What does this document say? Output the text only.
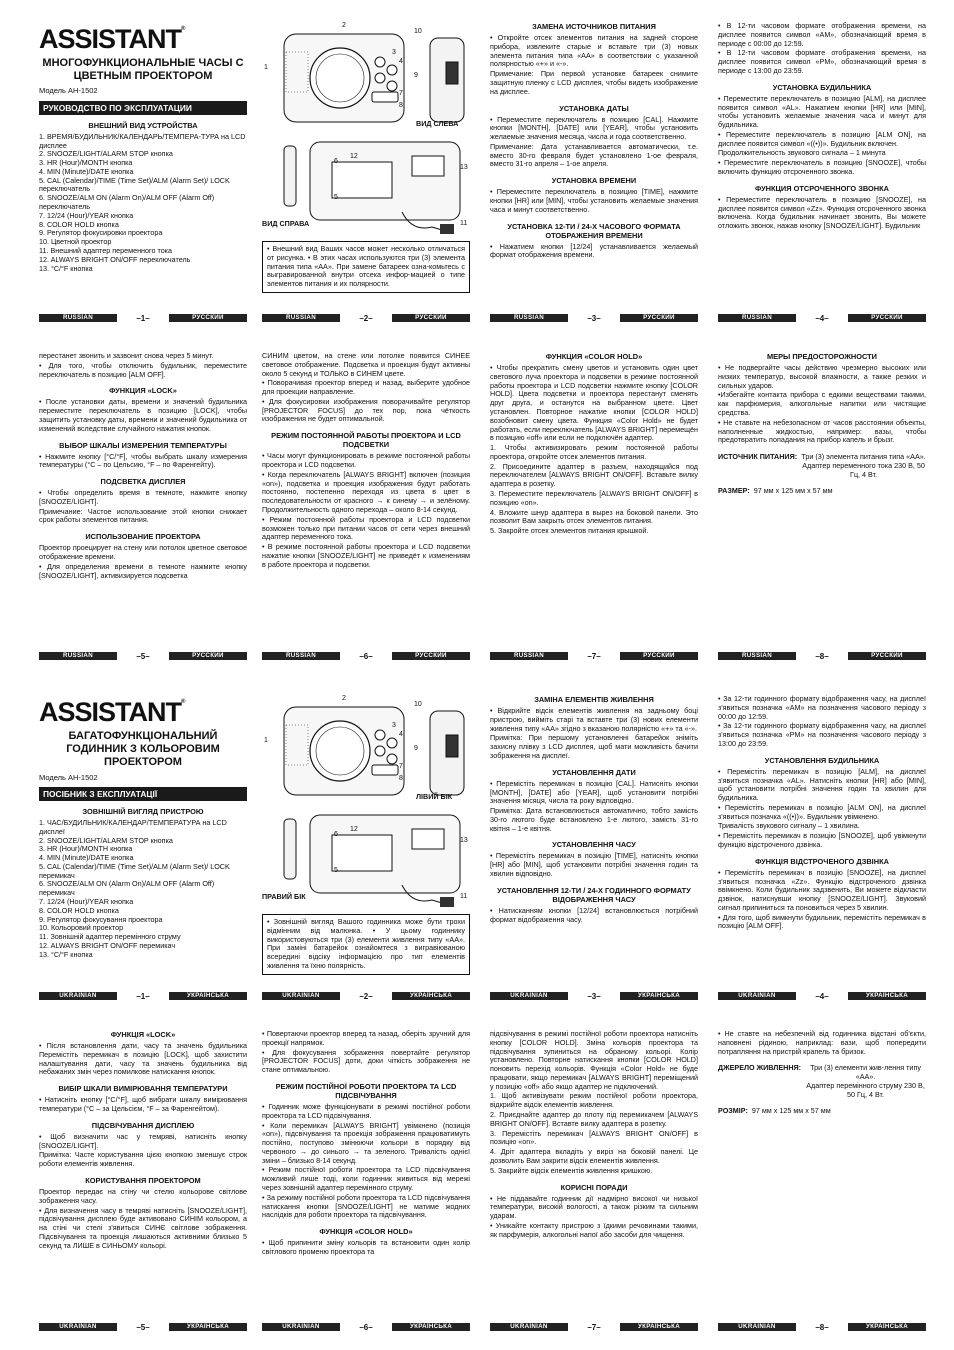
ASSISTANT®
МНОГОФУНКЦИОНАЛЬНЫЕ ЧАСЫ С ЦВЕТНЫМ ПРОЕКТОРОМ
Модель AH-1502
РУКОВОДСТВО ПО ЭКСПЛУАТАЦИИ
ВНЕШНИЙ ВИД УСТРОЙСТВА
1. ВРЕМЯ/БУДИЛЬНИК/КАЛЕНДАРЬ/ТЕМПЕРА-ТУРА на LCD дисплее
2. SNOOZE/LIGHT/ALARM STOP кнопка
3. HR (Hour)/MONTH кнопка
4. MIN (Minute)/DATE кнопка
5. CAL (Calendar)/TIME (Time Set)/ALM (Alarm Set)/ LOCK переключатель
6. SNOOZE/ALM ON (Alarm On)/ALM OFF (Alarm Off) переключатель
7. 12/24 (Hour)/YEAR кнопка
8. COLOR HOLD кнопка
9. Регулятор фокусировки проектора
10. Цветной проектор
11. Внешний адаптер переменного тока
12. ALWAYS BRIGHT ON/OFF переключатель
13. °C/°F кнопка
1
2
3
4
7
8
10
9
ВИД СЛЕВА
12
6
13
5
11
ВИД СПРАВА

• Внешний вид Ваших часов может несколько отличаться от рисунка. • В этих часах используются три (3) элемента питания типа «AA». При замене батареек озна-комьтесь с выгравированной внутри отсека инфор-мацией о типе элементов питания и их полярности.

ЗАМЕНА ИСТОЧНИКОВ ПИТАНИЯ

• Откройте отсек элементов питания на задней стороне прибора, извлеките старые и вставьте три (3) новых элемента питания типа «AA» в соответствии с указанной полярностью «+» и «-».

Примечание: При первой установке батареек снимите защитную пленку с LCD дисплея, чтобы видеть изображение на дисплее.

УСТАНОВКА ДАТЫ

• Переместите переключатель в позицию [CAL]. Нажмите кнопки [MONTH], [DATE] или [YEAR], чтобы установить желаемые значения месяца, числа и года соответственно.

Примечание: Дата устанавливается автоматически, т.е. вместо 30-го февраля будет установлено 1-ое февраля, вместо 31-го апреля – 1-ое апреля.

УСТАНОВКА ВРЕМЕНИ

• Переместите переключатель в позицию [TIME], нажмите кнопки [HR] или [MIN], чтобы установить желаемые значения часа и минут соответственно.

УСТАНОВКА 12-ТИ / 24-Х ЧАСОВОГО ФОРМАТА ОТОБРАЖЕНИЯ ВРЕМЕНИ

• Нажатием кнопки [12/24] устанавливается желаемый формат отображения времени.

• В 12-ти часовом формате отображения времени, на дисплее появится символ «AM», обозначающий время в периоде с 00:00 до 12:59.

• В 12-ти часовом формате отображения времени, на дисплее появится символ «PM», обозначающий время в периоде с 13:00 до 23:59.

УСТАНОВКА БУДИЛЬНИКА

• Переместите переключатель в позицию [ALM], на дисплее появится символ «AL». Нажатием кнопки [HR] или [MIN], чтобы установить желаемые значения часа и минут для будильника.

• Переместите переключатель в позицию [ALM ON], на дисплее появится символ «((•))». Будильник включен.

Продолжительность звукового сигнала – 1 минута

• Переместите переключатель в позицию [SNOOZE], чтобы включить функцию отсроченного звонка.

ФУНКЦИЯ ОТСРОЧЕННОГО ЗВОНКА

• Переместите переключатель в позицию [SNOOZE], на дисплее появится символ «Zz». Функция отсроченного звонка включена. Когда будильник начинает звонить, Вы можете отложить звонок, нажав кнопку [SNOOZE/LIGHT]. Будильник

RUSSIAN	–1–	РУССКИЙ	RUSSIAN	–2–	РУССКИЙ	RUSSIAN	–3–	РУССКИЙ	RUSSIAN	–4–	РУССКИЙ

перестанет звонить и зазвонит снова через 5 минут.

• Для того, чтобы отключить будильник, переместите переключатель в позицию [ALM OFF].

ФУНКЦИЯ «LOCK»

• После установки даты, времени и значений будильника переместите переключатель в позицию [LOCK], чтобы защитить установку даты, времени и значений будильника от изменений вследствие случайного нажатия кнопок.

ВЫБОР ШКАЛЫ ИЗМЕРЕНИЯ ТЕМПЕРАТУРЫ

• Нажмите кнопку [°C/°F], чтобы выбрать шкалу измерения температуры (°C – по Цельсию, °F – по Фаренгейту).

ПОДСВЕТКА ДИСПЛЕЯ

• Чтобы определить время в темноте, нажмите кнопку [SNOOZE/LIGHT].

Примечание: Частое использование этой кнопки снижает срок работы элементов питания.

ИСПОЛЬЗОВАНИЕ ПРОЕКТОРА

Проектор проецирует на стену или потолок цветное световое отображение времени.

• Для определения времени в темноте нажмите кнопку [SNOOZE/LIGHT], активизируется подсветка

СИНИМ цветом, на стене или потолке появится СИНЕЕ световое отображение. Подсветка и проекция будут активны около 5 секунд и ТОЛЬКО в СИНЕМ цвете.

• Поворачивая проектор вперед и назад, выберите удобное для проекции направление.

• Для фокусировки изображения поворачивайте регулятор [PROJECTOR FOCUS] до тех пор, пока чёткость изображения не будет оптимальной.

РЕЖИМ ПОСТОЯННОЙ РАБОТЫ ПРОЕКТОРА И LCD ПОДСВЕТКИ

• Часы могут функционировать в режиме постоянной работы проектора и LCD подсветки.

• Когда переключатель [ALWAYS BRIGHT] включен (позиция «on»), подсветка и проекция изображения будут работать постоянно, постепенно переходя из цвета в цвет в последовательности от красного → к синему → и зелёному. Продолжительность одного перехода – около 8-14 секунд.

• Режим постоянной работы проектора и LCD подсветки возможен только при питании часов от сети через внешний адаптер переменного тока.

• В режиме постоянной работы проектора и LCD подсветки нажатие кнопки [SNOOZE/LIGHT] не приведёт к изменениям в работе проектора и подсветки.

ФУНКЦИЯ «COLOR HOLD»

• Чтобы прекратить смену цветов и установить один цвет светового луча проектора и подсветки в режиме постоянной работы проектора и LCD подсветки нажмите кнопку [COLOR HOLD]. Цвета подсветки и проектора перестанут сменять друг друга, и останутся на выбранном цвете. Цвет установлен. Повторное нажатие кнопки [COLOR HOLD] возобновит смену цвета. Функция «Color Hold» не будет работать, если переключатель [ALWAYS BRIGHT] перемещён в позицию «off» или если не подключён адаптер.

1. Чтобы активизировать режим постоянной работы проектора, откройте отсек элементов питания.

2. Присоедините адаптер в разъем, находящийся под переключателем [ALWAYS BRIGHT ON/OFF]. Вставьте вилку адаптера в розетку.

3. Переместите переключатель [ALWAYS BRIGHT ON/OFF] в позицию «on».

4. Вложите шнур адаптера в вырез на боковой панели. Это позволит Вам закрыть отсек элементов питания.

5. Закройте отсек элементов питания крышкой.

МЕРЫ ПРЕДОСТОРОЖНОСТИ

• Не подвергайте часы действию чрезмерно высоких или низких температур, высокой влажности, а также резких и сильных ударов.

•Избегайте контакта прибора с едкими веществами такими, как парфюмерия, алкогольные напитки или чистящие средства.

• Не ставьте на небезопасном от часов расстоянии объекты, наполненные жидкостью, например: вазы, чтобы предотвратить попадания на прибор капель и брызг.

ИСТОЧНИК ПИТАНИЯ: Три (3) элемента питания типа «AA».
Адаптер переменного тока 230 В, 50 Гц, 4 Вт.
РАЗМЕР: 97 мм х 125 мм х 57 мм
RUSSIAN	–5–	РУССКИЙ	RUSSIAN	–6–	РУССКИЙ	RUSSIAN	–7–	РУССКИЙ	RUSSIAN	–8–	РУССКИЙ
ASSISTANT®
БАГАТОФУНКЦІОНАЛЬНИЙ ГОДИННИК З КОЛЬОРОВИМ ПРОЕКТОРОМ
Модель AH-1502
ПОСІБНИК З ЕКСПЛУАТАЦІЇ
ЗОВНІШНІЙ ВИГЛЯД ПРИСТРОЮ
1. ЧАС/БУДИЛЬНИК/КАЛЕНДАР/ТЕМПЕРАТУРА на LCD дисплеї
2. SNOOZE/LIGHT/ALARM STOP кнопка
3. HR (Hour)/MONTH кнопка
4. MIN (Minute)/DATE кнопка
5. CAL (Calendar)/TIME (Time Set)/ALM (Alarm Set)/ LOCK перемикач
6. SNOOZE/ALM ON (Alarm On)/ALM OFF (Alarm Off) перемикач
7. 12/24 (Hour)/YEAR кнопка
8. COLOR HOLD кнопка
9. Регулятор фокусування проектора
10. Кольоровий проектор
11. Зовнішній адаптер перемінного струму
12. ALWAYS BRIGHT ON/OFF перемикач
13. °C/°F кнопка
1
2
3
4
7
8
10
9
ЛІВИЙ БІК
12
6
13
5
11
ПРАВИЙ БІК

• Зовнішній вигляд Вашого годинника може бути трохи відмінним від малюнка. • У цьому годиннику використовуються три (3) елементи живлення типу «AA». При заміні батарейок ознайомтеся з вигравіюваною всередині відсіку інформацією про тип елементів живлення та їхню полярність.

ЗАМІНА ЕЛЕМЕНТІВ ЖИВЛЕННЯ

• Відкрийте відсік елементів живлення на задньому боці пристрою, вийміть старі та вставте три (3) нових елементи живлення типу «AA» згідно з вказаною полярністю «+» та «-».

Примітка: При першому установленні батарейок зніміть захисну плівку з LCD дисплея, щоб мати можливість бачити зображення на дисплеї.

УСТАНОВЛЕННЯ ДАТИ

• Перемістіть перемикач в позицію [CAL]. Натисніть кнопки [MONTH], [DATE] або [YEAR], щоб установити потрібні значення місяця, числа та року відповідно.

Примітка: Дата встановлюється автоматично, тобто замість 30-го лютого буде встановлено 1-е лютого, замість 31-го квітня – 1-е квітня.

УСТАНОВЛЕННЯ ЧАСУ

• Перемістіть перемикач в позицію [TIME], натисніть кнопки [HR] або [MIN], щоб установити потрібні значення годин та хвилин відповідно.

УСТАНОВЛЕННЯ 12-ТИ / 24-Х ГОДИННОГО ФОРМАТУ ВІДОБРАЖЕННЯ ЧАСУ

• Натисканням кнопки [12/24] встановлюється потрібний формат відображення часу.

• За 12-ти годинного формату відображення часу, на дисплеї з'явиться позначка «AM» на позначення часового періоду з 00:00 до 12:59.

• За 12-ти годинного формату відображення часу, на дисплеї з'явиться позначка «PM» на позначення часового періоду з 13:00 до 23:59.

УСТАНОВЛЕННЯ БУДИЛЬНИКА

• Перемістіть перемикач в позицію [ALM], на дисплеї з'явиться позначка «AL». Натисніть кнопки [HR] або [MIN], щоб установити потрібні значення годин та хвилин для будильника.

• Перемістіть перемикач в позицію [ALM ON], на дисплеї з'явиться позначка «((•))». Будильник увімкнено.

Тривалість звукового сигналу – 1 хвилина.

• Перемістіть перемикач в позицію [SNOOZE], щоб увімкнути функцію відстроченого дзвінка.

ФУНКЦІЯ ВІДСТРОЧЕНОГО ДЗВІНКА

• Перемістіть перемикач в позицію [SNOOZE], на дисплеї з'явиться позначка «Zz». Функцію відстроченого дзвінка ввімкнено. Коли будильник задзвенить, Ви можете відкласти дзвінок, натиснувши кнопку [SNOOZE/LIGHT]. Звуковий сигнал припиниться та поновиться через 5 хвилин.

• Для того, щоб вимкнути будильник, перемістіть перемикач в позицію [ALM OFF].

UKRAINIAN	–1–	УКРАЇНСЬКА	UKRAINIAN	–2–	УКРАЇНСЬКА	UKRAINIAN	–3–	УКРАЇНСЬКА	UKRAINIAN	–4–	УКРАЇНСЬКА
ФУНКЦІЯ «LOCK»

• Після встановлення дати, часу та значень будильника Перемістіть перемикач в позицію [LOCK], щоб захистити налаштування дати, часу та значень будильника від небажаних змін через помилкове натискання кнопок.

ВИБІР ШКАЛИ ВИМІРЮВАННЯ ТЕМПЕРАТУРИ

• Натисніть кнопку [°C/°F], щоб вибрати шкалу вимірювання температури (°C – за Цельсієм, °F – за Фаренгейтом).

ПІДСВІЧУВАННЯ ДИСПЛЕЮ

• Щоб визначити час у темряві, натисніть кнопку [SNOOZE/LIGHT].

Примітка: Часте користування цією кнопкою зменшує строк роботи елементів живлення.

КОРИСТУВАННЯ ПРОЕКТОРОМ

Проектор передає на стіну чи стелю кольорове світлове зображення часу.

• Для визначення часу в темряві натисніть [SNOOZE/LIGHT], підсвічування дисплею буде активовано СИНІМ кольором, а на стіні чи стелі з'явиться СИНЄ світлове зображення. Підсвічування та проекція лишаються активними близько 5 секунд та ЛИШЕ в СИНЬОМУ кольорі.

• Повертаючи проектор вперед та назад, оберіть зручний для проекції напрямок.

• Для фокусування зображення повертайте регулятор [PROJECTOR FOCUS] доти, доки чіткість зображення не стане оптимальною.

РЕЖИМ ПОСТІЙНОЇ РОБОТИ ПРОЕКТОРА ТА LCD ПІДСВІЧУВАННЯ

• Годинник може функціонувати в режимі постійної роботи проектора та LCD підсвічування.

• Коли перемикач [ALWAYS BRIGHT] увімкнено (позиція «on»), підсвічування та проекція зображення працюватимуть постійно, поступово змінюючи кольори в порядку від червоного → до синього → та зеленого. Тривалість однієї зміни – близько 8-14 секунд.

• Режим постійної роботи проектора та LCD підсвічування можливий лише тоді, коли годинник живиться від мережі через зовнішній адаптер перемінного струму.

• За режиму постійної роботи проектора та LCD підсвічування натискання кнопки [SNOOZE/LIGHT] не матиме жодних наслідків для роботи проектора та підсвічування.

ФУНКЦІЯ «COLOR HOLD»

• Щоб припинити зміну кольорів та встановити один колір світлового променю проектора та

підсвічування в режимі постійної роботи проектора натисніть кнопку [COLOR HOLD]. Зміна кольорів проектора та підсвічування зупиниться на обраному кольорі. Колір установлено. Повторне натискання кнопки [COLOR HOLD] поновить перехід кольорів. Функція «Color Hold» не буде працювати, якщо перемикач [ALWAYS BRIGHT] переміщений у позицію «off» або якщо адаптер не підключений.

1. Щоб активізувати режим постійної роботи проектора, відкрийте відсік елементів живлення.

2. Приєднайте адаптер до плоту під перемикачем [ALWAYS BRIGHT ON/OFF]. Вставте вилку адаптера в розетку.

3. Перемістіть перемикач [ALWAYS BRIGHT ON/OFF] в позицію «on».

4. Дріт адаптера вкладіть у виріз на боковій панелі. Це дозволить Вам закрити відсік елементів живлення.

5. Закрийте відсік елементів живлення кришкою.

КОРИСНІ ПОРАДИ

• Не піддавайте годинник дії надмірно високої чи низької температури, високій вологості, а також різким та сильним ударам.

• Уникайте контакту пристрою з їдкими речовинами такими, як парфумерія, алкогольні напої або засоби для чищення.

• Не ставте на небезпечній від годинника відстані об'єкти, наповнені рідиною, наприклад: вази, щоб попередити потрапляння на пристрій крапель та бризок.

ДЖЕРЕЛО ЖИВЛЕННЯ:	Три (3) елементи жив-лення типу «AA».
Адаптер перемінного струму 230 В, 50 Гц, 4 Вт.
РОЗМІР: 97 мм х 125 мм х 57 мм
UKRAINIAN	–5–	УКРАЇНСЬКА	UKRAINIAN	–6–	УКРАЇНСЬКА	UKRAINIAN	–7–	УКРАЇНСЬКА	UKRAINIAN	–8–	УКРАЇНСЬКА
